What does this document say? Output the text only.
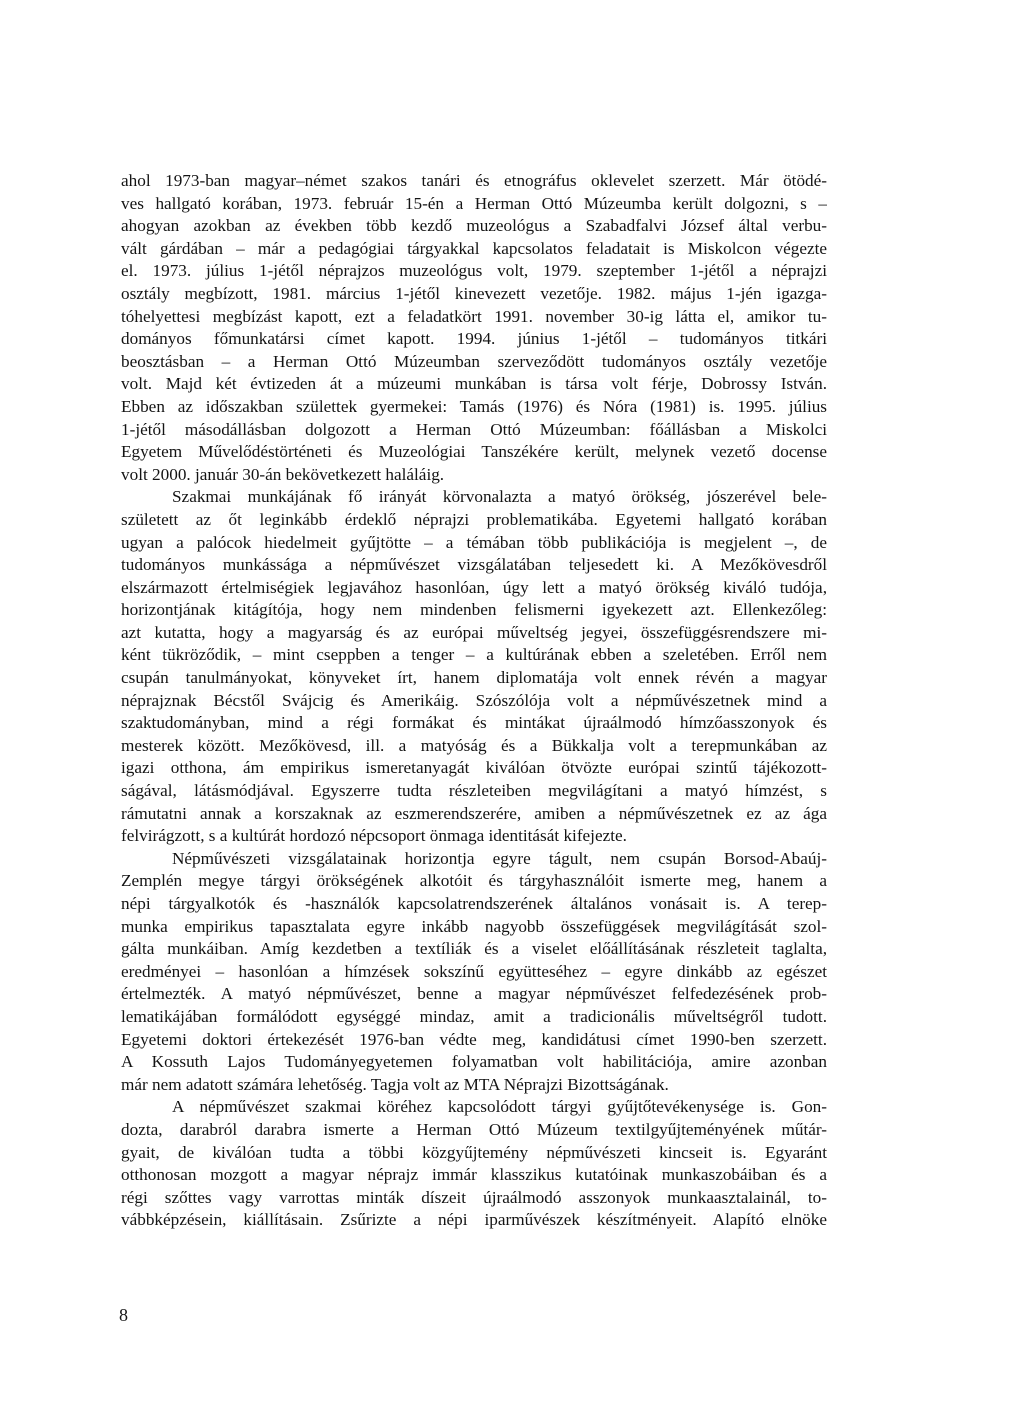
ahol 1973-ban magyar–német szakos tanári és etnográfus oklevelet szerzett. Már ötödé-
ves hallgató korában, 1973. február 15-én a Herman Ottó Múzeumba került dolgozni, s –
ahogyan azokban az években több kezdő muzeológus a Szabadfalvi József által verbu-
vált gárdában – már a pedagógiai tárgyakkal kapcsolatos feladatait is Miskolcon végezte
el. 1973. július 1-jétől néprajzos muzeológus volt, 1979. szeptember 1-jétől a néprajzi
osztály megbízott, 1981. március 1-jétől kinevezett vezetője. 1982. május 1-jén igazga-
tóhelyettesi megbízást kapott, ezt a feladatkört 1991. november 30-ig látta el, amikor tu-
dományos főmunkatársi címet kapott. 1994. június 1-jétől – tudományos titkári
beosztásban – a Herman Ottó Múzeumban szerveződött tudományos osztály vezetője
volt. Majd két évtizeden át a múzeumi munkában is társa volt férje, Dobrossy István.
Ebben az időszakban születtek gyermekei: Tamás (1976) és Nóra (1981) is. 1995. július
1-jétől másodállásban dolgozott a Herman Ottó Múzeumban: főállásban a Miskolci
Egyetem Művelődéstörténeti és Muzeológiai Tanszékére került, melynek vezető docense
volt 2000. január 30-án bekövetkezett haláláig.
Szakmai munkájának fő irányát körvonalazta a matyó örökség, jószerével bele-
született az őt leginkább érdeklő néprajzi problematikába. Egyetemi hallgató korában
ugyan a palócok hiedelmeit gyűjtötte – a témában több publikációja is megjelent –, de
tudományos munkássága a népművészet vizsgálatában teljesedett ki. A Mezőkövesdről
elszármazott értelmiségiek legjavához hasonlóan, úgy lett a matyó örökség kiváló tudója,
horizontjának kitágítója, hogy nem mindenben felismerni igyekezett azt. Ellenkezőleg:
azt kutatta, hogy a magyarság és az európai műveltség jegyei, összefüggésrendszere mi-
ként tükröződik, – mint cseppben a tenger – a kultúrának ebben a szeletében. Erről nem
csupán tanulmányokat, könyveket írt, hanem diplomatája volt ennek révén a magyar
néprajznak Bécstől Svájcig és Amerikáig. Szószólója volt a népművészetnek mind a
szaktudományban, mind a régi formákat és mintákat újraálmodó hímzőasszonyok és
mesterek között. Mezőkövesd, ill. a matyóság és a Bükkalja volt a terepmunkában az
igazi otthona, ám empirikus ismeretanyagát kiválóan ötvözte európai szintű tájékozott-
ságával, látásmódjával. Egyszerre tudta részleteiben megvilágítani a matyó hímzést, s
rámutatni annak a korszaknak az eszmerendszerére, amiben a népművészetnek ez az ága
felvirágzott, s a kultúrát hordozó népcsoport önmaga identitását kifejezte.
Népművészeti vizsgálatainak horizontja egyre tágult, nem csupán Borsod-Abaúj-
Zemplén megye tárgyi örökségének alkotóit és tárgyhasználóit ismerte meg, hanem a
népi tárgyalkotók és -használók kapcsolatrendszerének általános vonásait is. A terep-
munka empirikus tapasztalata egyre inkább nagyobb összefüggések megvilágítását szol-
gálta munkáiban. Amíg kezdetben a textíliák és a viselet előállításának részleteit taglalta,
eredményei – hasonlóan a hímzések sokszínű együtteséhez – egyre dinkább az egészet
értelmezték. A matyó népművészet, benne a magyar népművészet felfedezésének prob-
lematikájában formálódott egységgé mindaz, amit a tradicionális műveltségről tudott.
Egyetemi doktori értekezését 1976-ban védte meg, kandidátusi címet 1990-ben szerzett.
A Kossuth Lajos Tudományegyetemen folyamatban volt habilitációja, amire azonban
már nem adatott számára lehetőség. Tagja volt az MTA Néprajzi Bizottságának.
A népművészet szakmai köréhez kapcsolódott tárgyi gyűjtőtevékenysége is. Gon-
dozta, darabról darabra ismerte a Herman Ottó Múzeum textilgyűjteményének műtár-
gyait, de kiválóan tudta a többi közgyűjtemény népművészeti kincseit is. Egyaránt
otthonosan mozgott a magyar néprajz immár klasszikus kutatóinak munkaszobáiban és a
régi szőttes vagy varrottas minták díszeit újraálmodó asszonyok munkaasztalainál, to-
vábbképzésein, kiállításain. Zsűrizte a népi iparművészek készítményeit. Alapító elnöke
8
